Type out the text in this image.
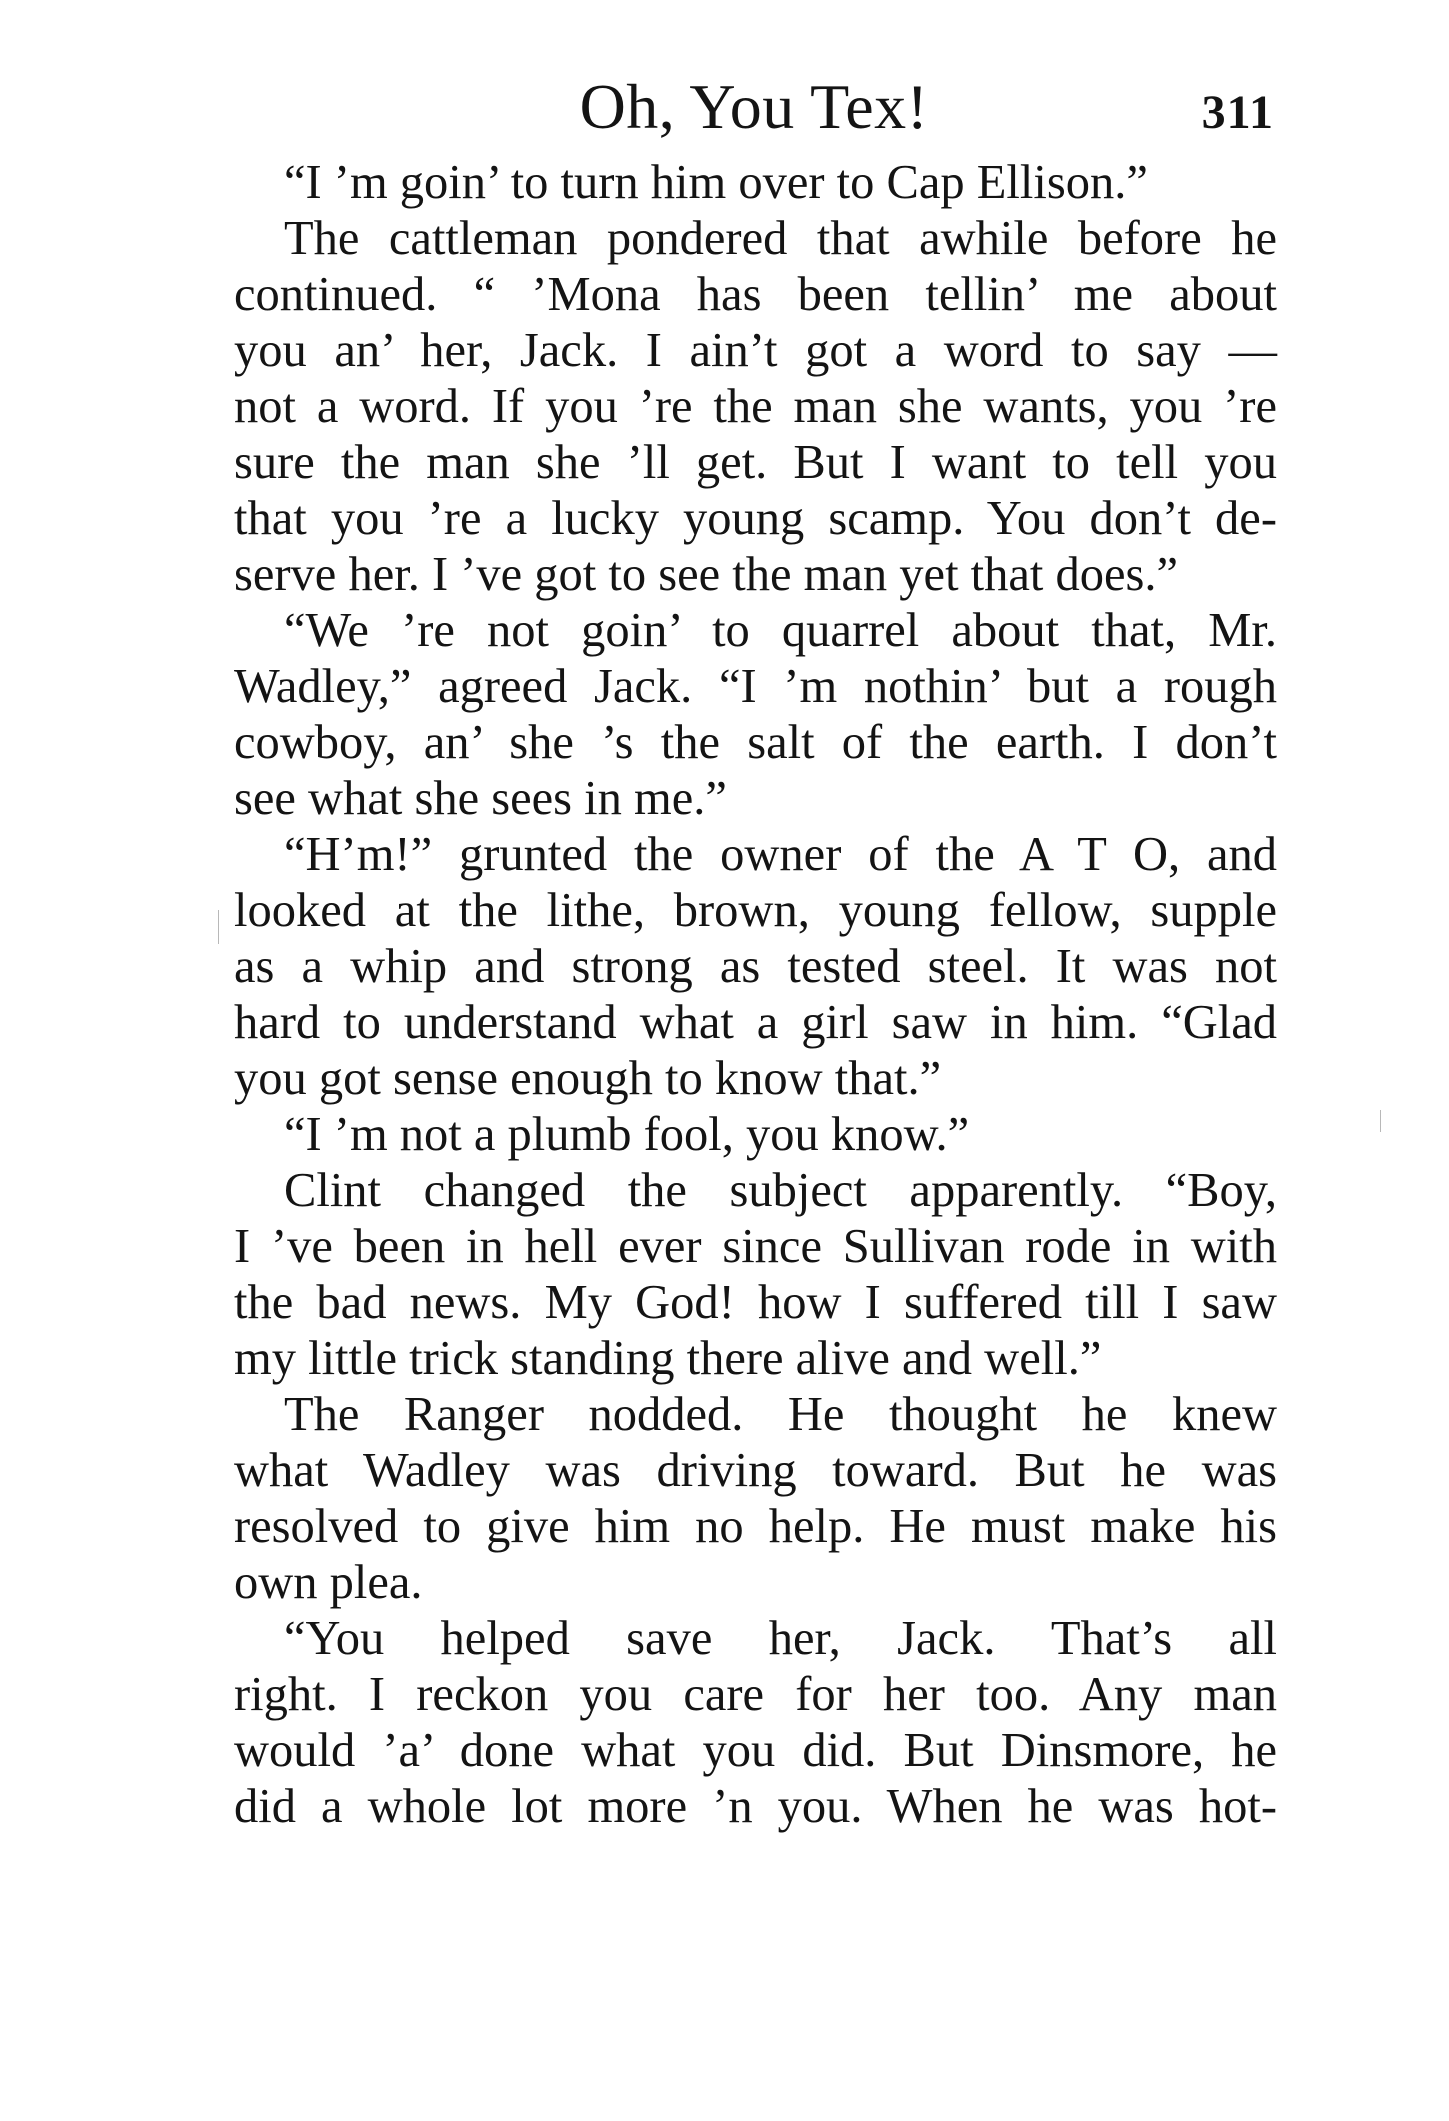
Oh, You Tex!	311
“I ’m goin’ to turn him over to Cap Ellison.”
The cattleman pondered that awhile before he
continued. “ ’Mona has been tellin’ me about
you an’ her, Jack. I ain’t got a word to say —
not a word. If you ’re the man she wants, you ’re
sure the man she ’ll get. But I want to tell you
that you ’re a lucky young scamp. You don’t de-
serve her. I ’ve got to see the man yet that does.”
“We ’re not goin’ to quarrel about that, Mr.
Wadley,” agreed Jack. “I ’m nothin’ but a rough
cowboy, an’ she ’s the salt of the earth. I don’t
see what she sees in me.”
“H’m!” grunted the owner of the A T O, and
looked at the lithe, brown, young fellow, supple
as a whip and strong as tested steel. It was not
hard to understand what a girl saw in him. “Glad
you got sense enough to know that.”
“I ’m not a plumb fool, you know.”
Clint changed the subject apparently. “Boy,
I ’ve been in hell ever since Sullivan rode in with
the bad news. My God! how I suffered till I saw
my little trick standing there alive and well.”
The Ranger nodded. He thought he knew
what Wadley was driving toward. But he was
resolved to give him no help. He must make his
own plea.
“You helped save her, Jack. That’s all
right. I reckon you care for her too. Any man
would ’a’ done what you did. But Dinsmore, he
did a whole lot more ’n you. When he was hot-
